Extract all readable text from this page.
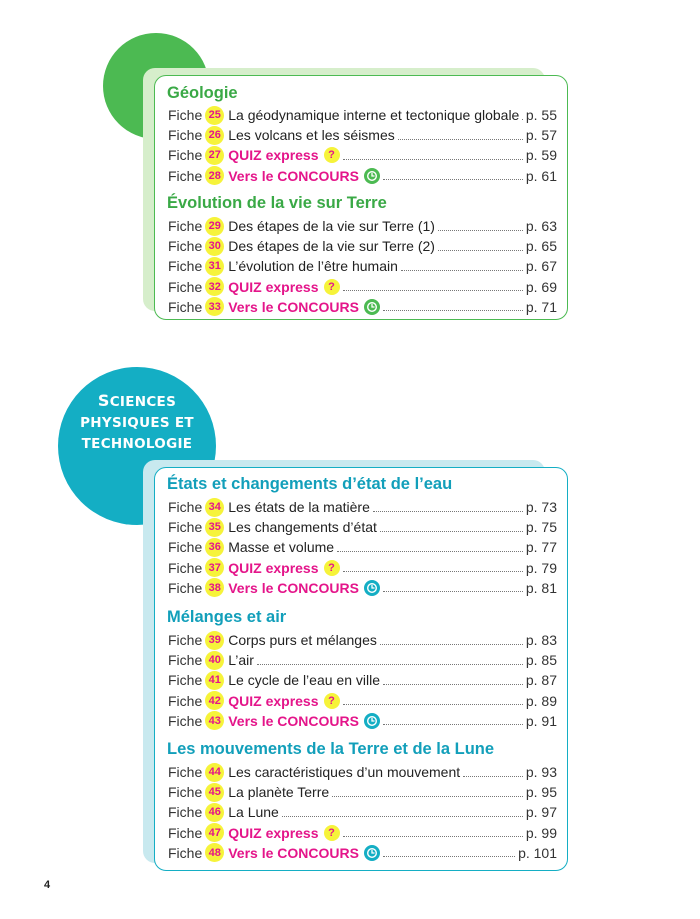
SCIENCES
PHYSIQUES ET
TECHNOLOGIE
Géologie
Évolution de la vie sur Terre
États et changements d’état de l’eau
Mélanges et air
Les mouvements de la Terre et de la Lune
Fiche 25 La géodynamique interne et tectonique globale p. 55
Fiche 26 Les volcans et les séismes	p. 57
Fiche 27 QUIZ express ?	p. 59
Fiche 28 Vers le CONCOURS	p. 61
Fiche 29 Des étapes de la vie sur Terre (1)	p. 63
Fiche 30 Des étapes de la vie sur Terre (2)	p. 65
Fiche 31 L’évolution de l’être humain	p. 67
Fiche 32 QUIZ express ?	p. 69
Fiche 33 Vers le CONCOURS	p. 71
Fiche 34 Les états de la matière	p. 73
Fiche 35 Les changements d’état	p. 75
Fiche 36 Masse et volume	p. 77
Fiche 37 QUIZ express ?	p. 79
Fiche 38 Vers le CONCOURS	p. 81
Fiche 39 Corps purs et mélanges	p. 83
Fiche 40 L’air	p. 85
Fiche 41 Le cycle de l’eau en ville	p. 87
Fiche 42 QUIZ express ?	p. 89
Fiche 43 Vers le CONCOURS	p. 91
Fiche 44 Les caractéristiques d’un mouvement	p. 93
Fiche 45 La planète Terre	p. 95
Fiche 46 La Lune	p. 97
Fiche 47 QUIZ express ?	p. 99
Fiche 48 Vers le CONCOURS	p. 101
4
